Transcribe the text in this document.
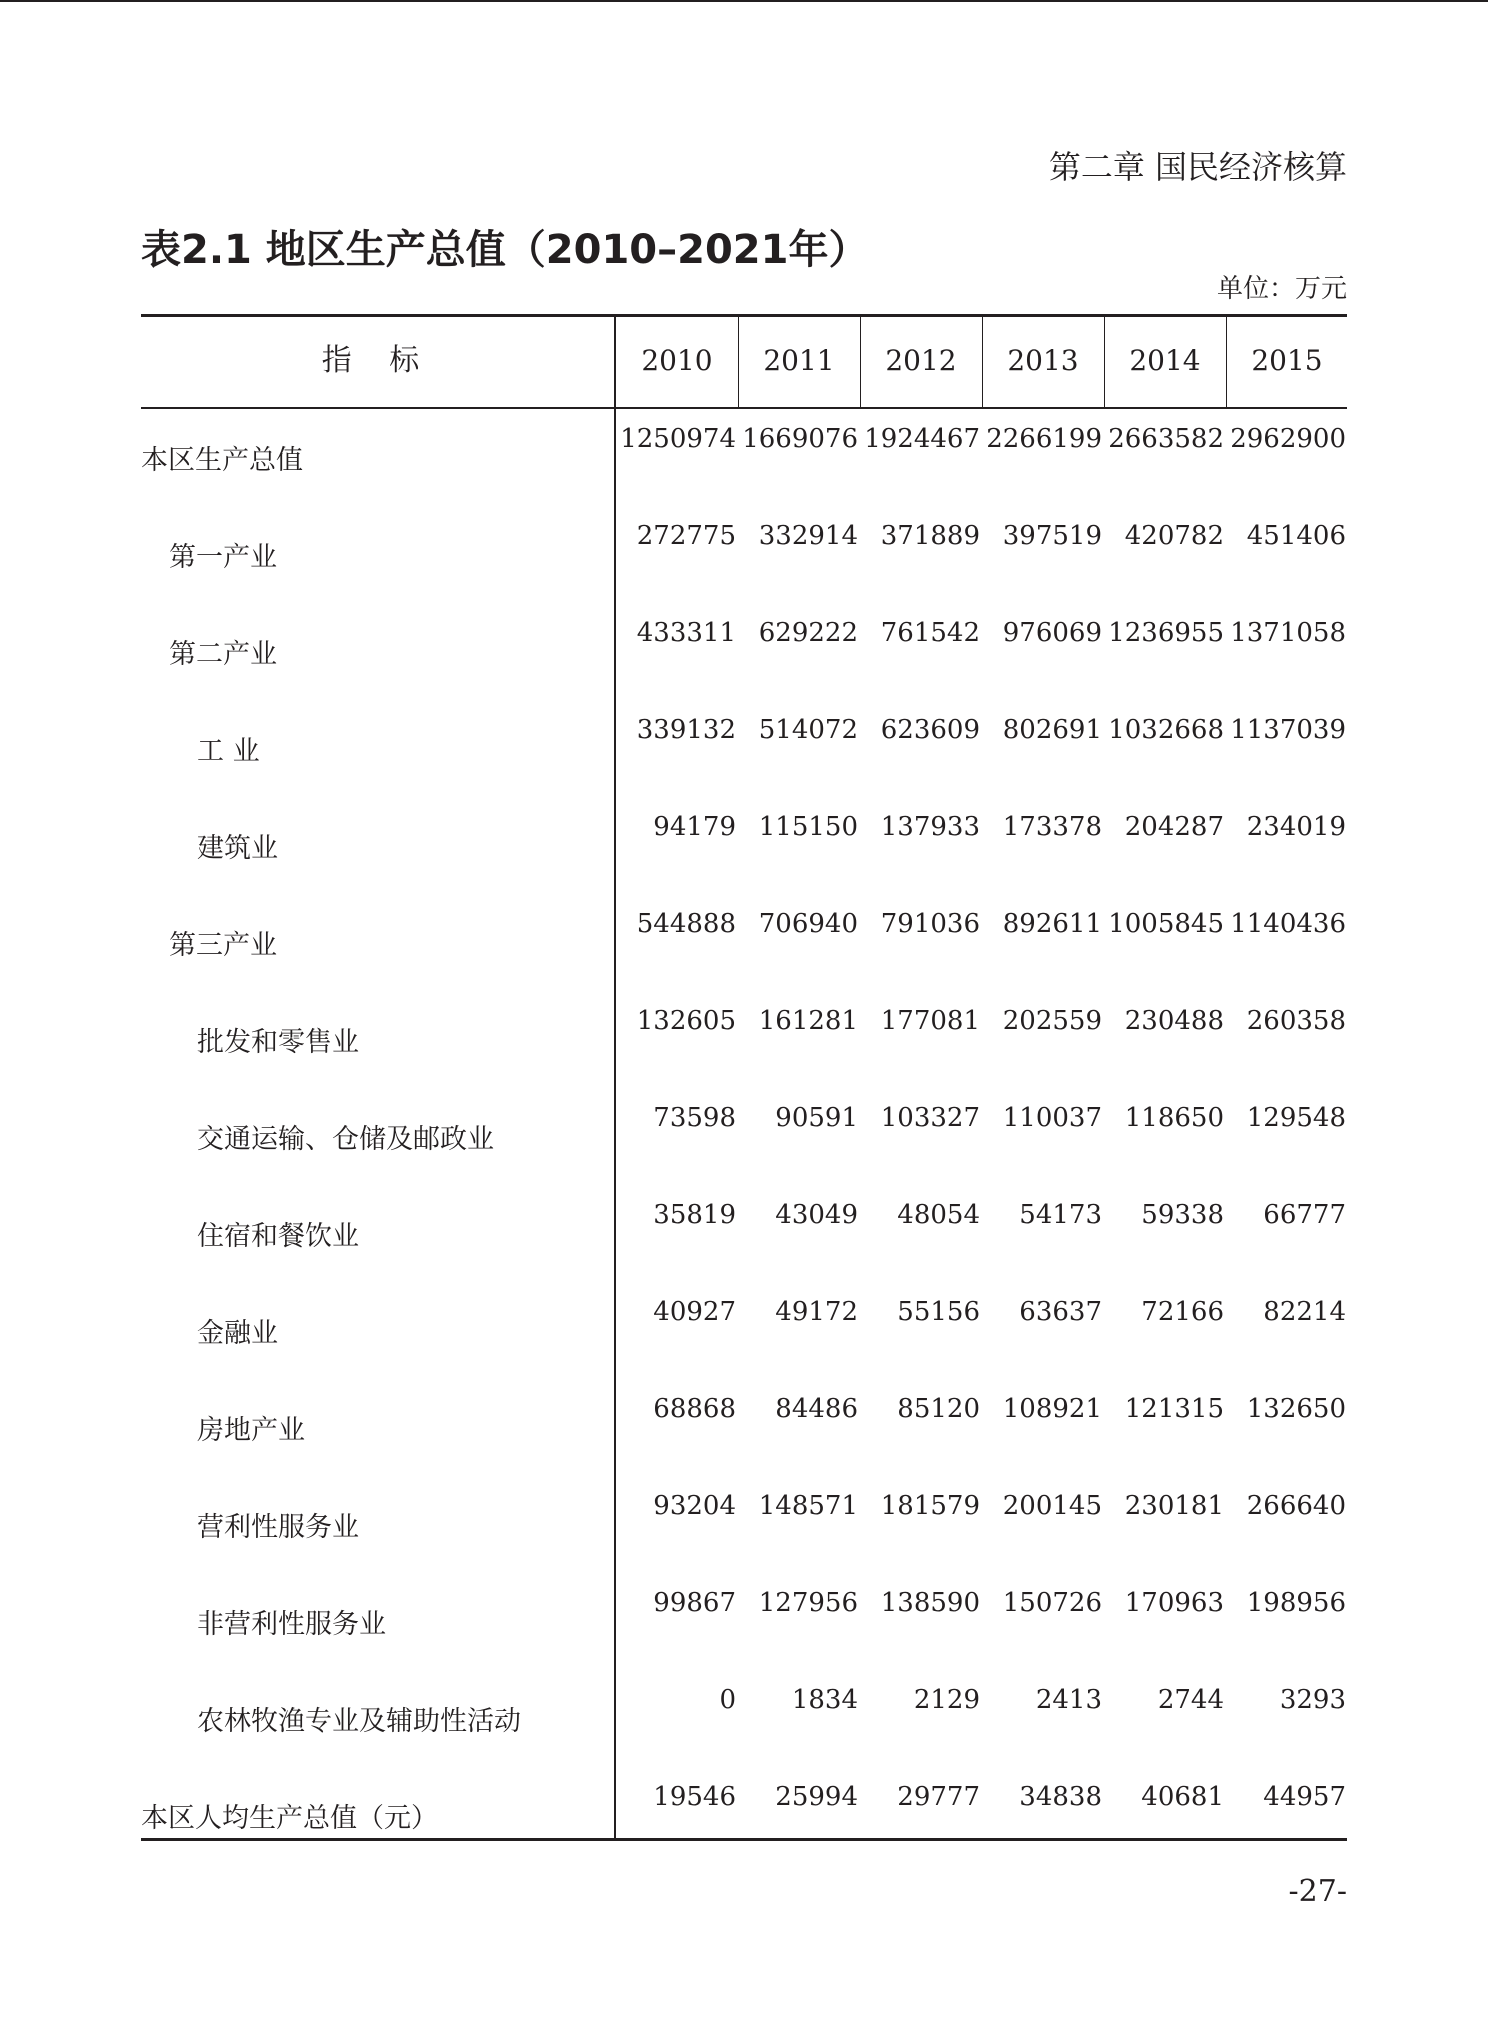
第二章 国民经济核算
表2.1 地区生产总值（2010–2021年）
单位：万元
指 标	2010	2011	2012	2013	2014	2015
本区生产总值
1250974 1669076 1924467 2266199 2663582 2962900
第一产业
272775 332914 371889 397519 420782 451406
第二产业
433311 629222 761542 976069 1236955 1371058
工 业
339132 514072 623609 802691 1032668 1137039
建筑业
94179 115150 137933 173378 204287 234019
第三产业
544888 706940 791036 892611 1005845 1140436
批发和零售业
132605 161281 177081 202559 230488 260358
交通运输、仓储及邮政业
73598	90591 103327 110037 118650 129548
住宿和餐饮业
35819	43049	48054	54173	59338	66777
金融业
40927	49172	55156	63637	72166	82214
房地产业
68868	84486	85120 108921 121315 132650
营利性服务业
93204 148571 181579 200145 230181 266640
非营利性服务业
99867 127956 138590 150726 170963 198956
农林牧渔专业及辅助性活动
0	1834	2129	2413	2744	3293
本区人均生产总值（元）
19546	25994	29777	34838	40681	44957
-27-
